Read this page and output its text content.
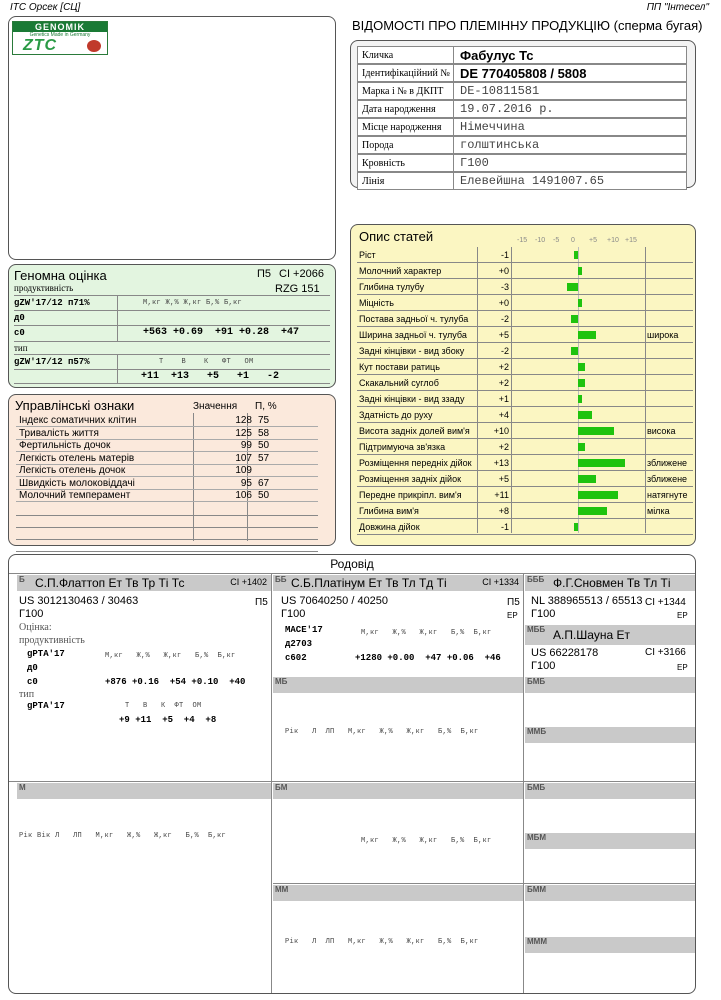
ІТС Орсек [СЦ]	ПП "Інтесел"
GENOMIK
Genetics Made in Germany
ZTC
ВІДОМОСТІ ПРО ПЛЕМІННУ ПРОДУКЦІЮ (сперма бугая)
Кличка	Фабулус Тс
Ідентифікаційний № DE 770405808 / 5808
Марка і № в ДКПТ	DE-10811581
Дата народження	19.07.2016 р.
Місце народження	Німеччина
Порода	голштинська
Кровність	Г100
Лінія	Елевейшна 1491007.65
Геномна оцінка	П5 СІ +2066
RZG 151
продуктивність
gZW'17/12 п71%	М,кг Ж,% Ж,кг Б,% Б,кг
д0
с0	+563 +0.69  +91 +0.28  +47
тип
gZW'17/12 п57%	Т    В    К   ФТ   ОМ
+11  +13   +5   +1   -2
Управлінські ознаки	Значення П, %
Індекс соматичних клітин	128 75
Тривалість життя	125 58
Фертильність дочок	99 50
Легкість отелень матерів	107 57
Легкість отелень дочок	109
Швидкість молоковіддачі	95 67
Молочний темперамент	106 50
Опис статей	-15 -10 -5 0 +5 +10 +15
Ріст	-1
Молочний характер	+0
Глибина тулубу	-3
Міцність	+0
Постава задньої ч. тулуба	-2
Ширина задньої ч. тулуба	+5	широка
Задні кінцівки - вид збоку	-2
Кут постави ратиць	+2
Скакальний суглоб	+2
Задні кінцівки - вид ззаду	+1
Здатність до руху	+4
Висота задніх долей вим'я	+10	висока
Підтримуюча зв'язка	+2
Розміщення передніх дійок	+13	зближене
Розміщення задніх дійок	+5	зближене
Передне прикріпл. вим'я	+11	натягнуте
Глибина вим'я	+8	мілка
Довжина дійок	-1
Родовід
Б С.П.Флаттоп Ет Тв Тр Ті Тс	СІ +1402
US 3012130463 / 30463	П5
Г100
Оцінка:
продуктивність
gPTA'17	М,кг   Ж,%   Ж,кг   Б,%  Б,кг
д0
с0	+876 +0.16  +54 +0.10  +40
тип
gPTA'17	Т   В   К  ФТ  ОМ
+9 +11  +5  +4  +8
ББ С.Б.Платінум Ет Тв Тл Тд Ті	СІ +1334
US 70640250 / 40250	П5
Г100	ЕР
MACE'17	М,кг   Ж,%   Ж,кг   Б,%  Б,кг
д2703
с602	+1280 +0.00  +47 +0.06  +46
БББ Ф.Г.Сновмен Тв Тл Ті
NL 388965513 / 65513 СІ +1344
Г100	ЕР
МББ А.П.Шауна Ет
US 66228178	СІ +3166
Г100	ЕР
МБ
Рік   Л  ЛП   М,кг   Ж,%   Ж,кг   Б,%  Б,кг
БМБ
ММБ
М
Рік Вік Л   ЛП   М,кг   Ж,%   Ж,кг   Б,%  Б,кг
БМ
М,кг   Ж,%   Ж,кг   Б,%  Б,кг
БМБ
МБМ
ММ
Рік   Л  ЛП   М,кг   Ж,%   Ж,кг   Б,%  Б,кг
БММ
МММ
